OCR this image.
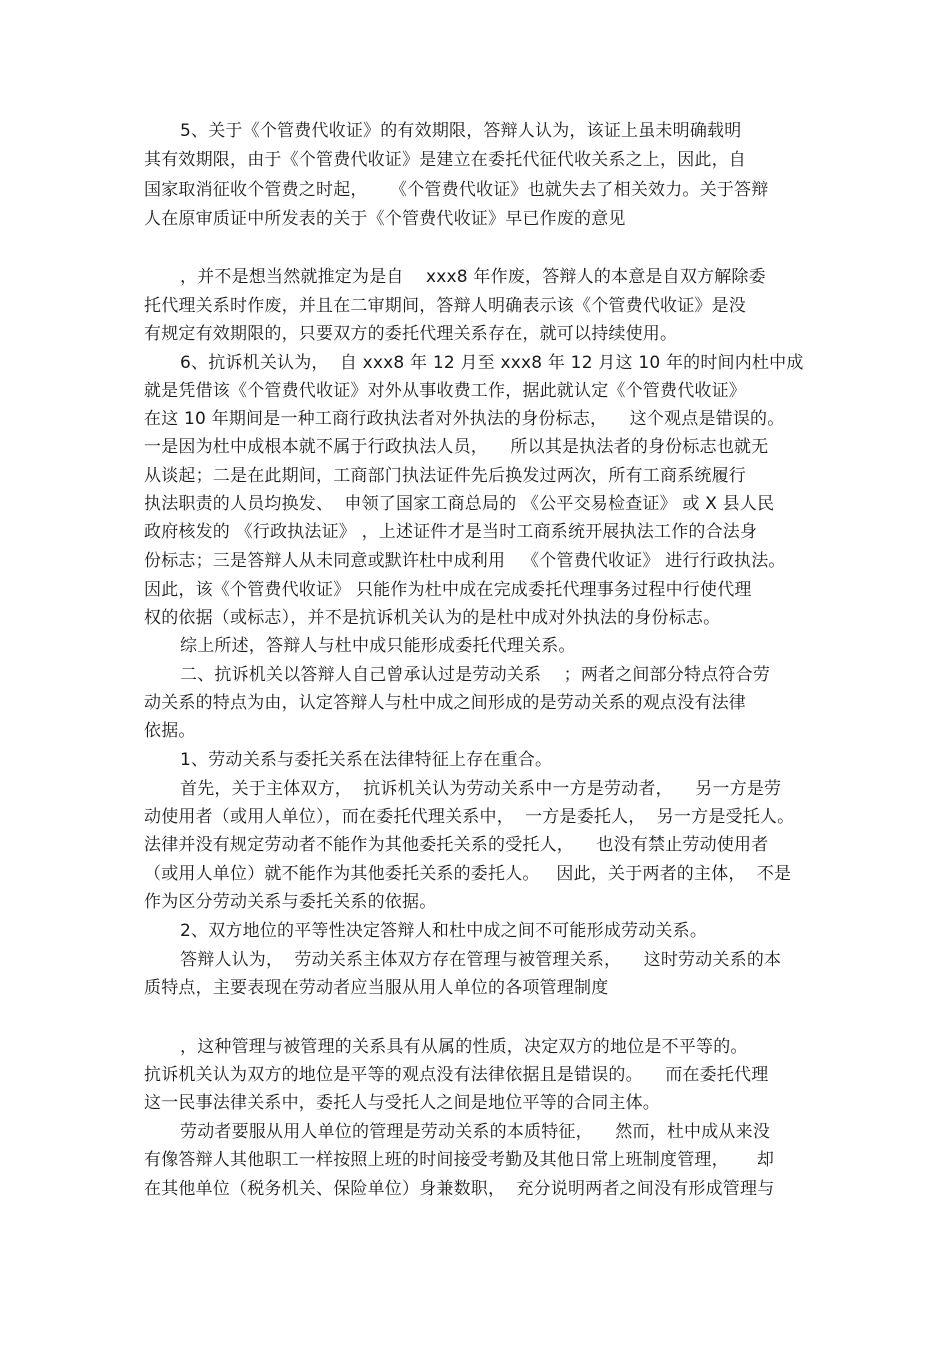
5、关于《个管费代收证》的有效期限，答辩人认为，该证上虽未明确载明
其有效期限，由于《个管费代收证》是建立在委托代征代收关系之上，因此，自
国家取消征收个管费之时起，    《个管费代收证》也就失去了相关效力。关于答辩
人在原审质证中所发表的关于《个管费代收证》早已作废的意见
，并不是想当然就推定为是自    xxx8 年作废，答辩人的本意是自双方解除委
托代理关系时作废，并且在二审期间，答辩人明确表示该《个管费代收证》是没
有规定有效期限的，只要双方的委托代理关系存在，就可以持续使用。
6、抗诉机关认为，  自 xxx8 年 12 月至 xxx8 年 12 月这 10 年的时间内杜中成
就是凭借该《个管费代收证》对外从事收费工作，据此就认定《个管费代收证》
在这 10 年期间是一种工商行政执法者对外执法的身份标志，    这个观点是错误的。
一是因为杜中成根本就不属于行政执法人员，    所以其是执法者的身份标志也就无
从谈起；二是在此期间，工商部门执法证件先后换发过两次，所有工商系统履行
执法职责的人员均换发、  申领了国家工商总局的 《公平交易检查证》 或 X 县人民
政府核发的 《行政执法证》 ，上述证件才是当时工商系统开展执法工作的合法身
份标志；三是答辩人从未同意或默许杜中成利用   《个管费代收证》 进行行政执法。
因此，该《个管费代收证》 只能作为杜中成在完成委托代理事务过程中行使代理
权的依据（或标志），并不是抗诉机关认为的是杜中成对外执法的身份标志。
综上所述，答辩人与杜中成只能形成委托代理关系。
二、抗诉机关以答辩人自己曾承认过是劳动关系    ；两者之间部分特点符合劳
动关系的特点为由，认定答辩人与杜中成之间形成的是劳动关系的观点没有法律
依据。
1、劳动关系与委托关系在法律特征上存在重合。
首先，关于主体双方，  抗诉机关认为劳动关系中一方是劳动者，    另一方是劳
动使用者（或用人单位），而在委托代理关系中，  一方是委托人，  另一方是受托人。
法律并没有规定劳动者不能作为其他委托关系的受托人，    也没有禁止劳动使用者
（或用人单位）就不能作为其他委托关系的委托人。   因此，关于两者的主体，  不是
作为区分劳动关系与委托关系的依据。
2、双方地位的平等性决定答辩人和杜中成之间不可能形成劳动关系。
答辩人认为，  劳动关系主体双方存在管理与被管理关系，    这时劳动关系的本
质特点，主要表现在劳动者应当服从用人单位的各项管理制度
，这种管理与被管理的关系具有从属的性质，决定双方的地位是不平等的。
抗诉机关认为双方的地位是平等的观点没有法律依据且是错误的。    而在委托代理
这一民事法律关系中，委托人与受托人之间是地位平等的合同主体。
劳动者要服从用人单位的管理是劳动关系的本质特征，    然而，杜中成从来没
有像答辩人其他职工一样按照上班的时间接受考勤及其他日常上班制度管理，     却
在其他单位（税务机关、保险单位）身兼数职，  充分说明两者之间没有形成管理与
